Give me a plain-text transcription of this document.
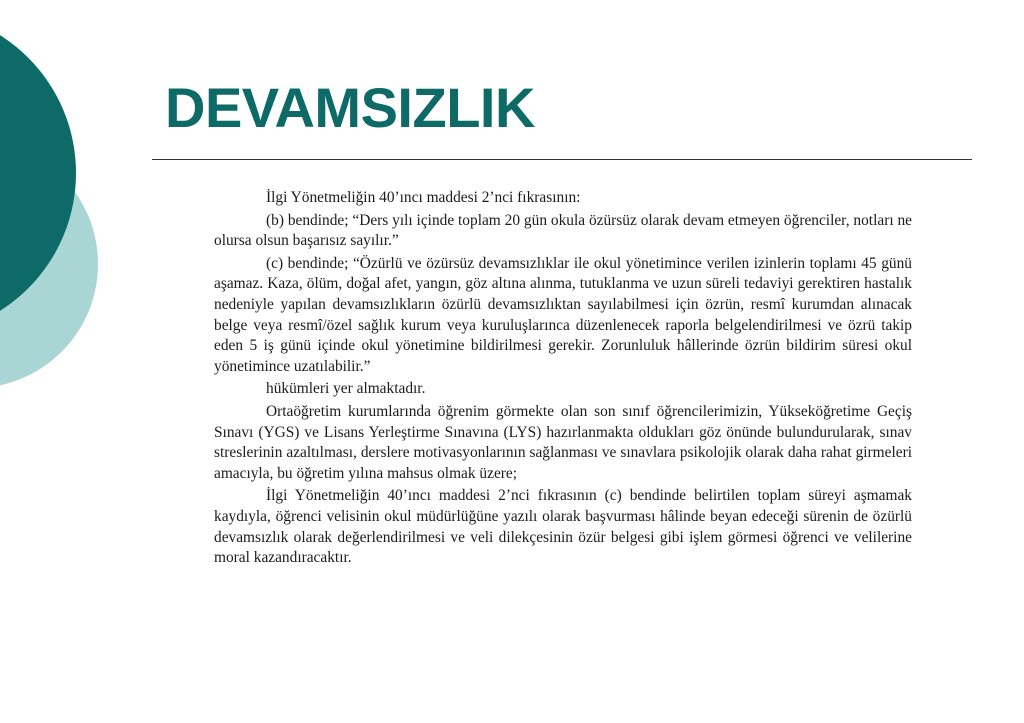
DEVAMSIZLIK

İlgi Yönetmeliğin 40’ıncı maddesi 2’nci fıkrasının:

(b) bendinde; “Ders yılı içinde toplam 20 gün okula özürsüz olarak devam etmeyen öğrenciler, notları ne olursa olsun başarısız sayılır.”

(c) bendinde; “Özürlü ve özürsüz devamsızlıklar ile okul yönetimince verilen izinlerin toplamı 45 günü aşamaz. Kaza, ölüm, doğal afet, yangın, göz altına alınma, tutuklanma ve uzun süreli tedaviyi gerektiren hastalık nedeniyle yapılan devamsızlıkların özürlü devamsızlıktan sayılabilmesi için özrün, resmî kurumdan alınacak belge veya resmî/özel sağlık kurum veya kuruluşlarınca düzenlenecek raporla belgelendirilmesi ve özrü takip eden 5 iş günü içinde okul yönetimine bildirilmesi gerekir. Zorunluluk hâllerinde özrün bildirim süresi okul yönetimince uzatılabilir.”

hükümleri yer almaktadır.

Ortaöğretim kurumlarında öğrenim görmekte olan son sınıf öğrencilerimizin, Yükseköğretime Geçiş Sınavı (YGS) ve Lisans Yerleştirme Sınavına (LYS) hazırlanmakta oldukları göz önünde bulundurularak, sınav streslerinin azaltılması, derslere motivasyonlarının sağlanması ve sınavlara psikolojik olarak daha rahat girmeleri amacıyla, bu öğretim yılına mahsus olmak üzere;

İlgi Yönetmeliğin 40’ıncı maddesi 2’nci fıkrasının (c) bendinde belirtilen toplam süreyi aşmamak kaydıyla, öğrenci velisinin okul müdürlüğüne yazılı olarak başvurması hâlinde beyan edeceği sürenin de özürlü devamsızlık olarak değerlendirilmesi ve veli dilekçesinin özür belgesi gibi işlem görmesi öğrenci ve velilerine moral kazandıracaktır.
